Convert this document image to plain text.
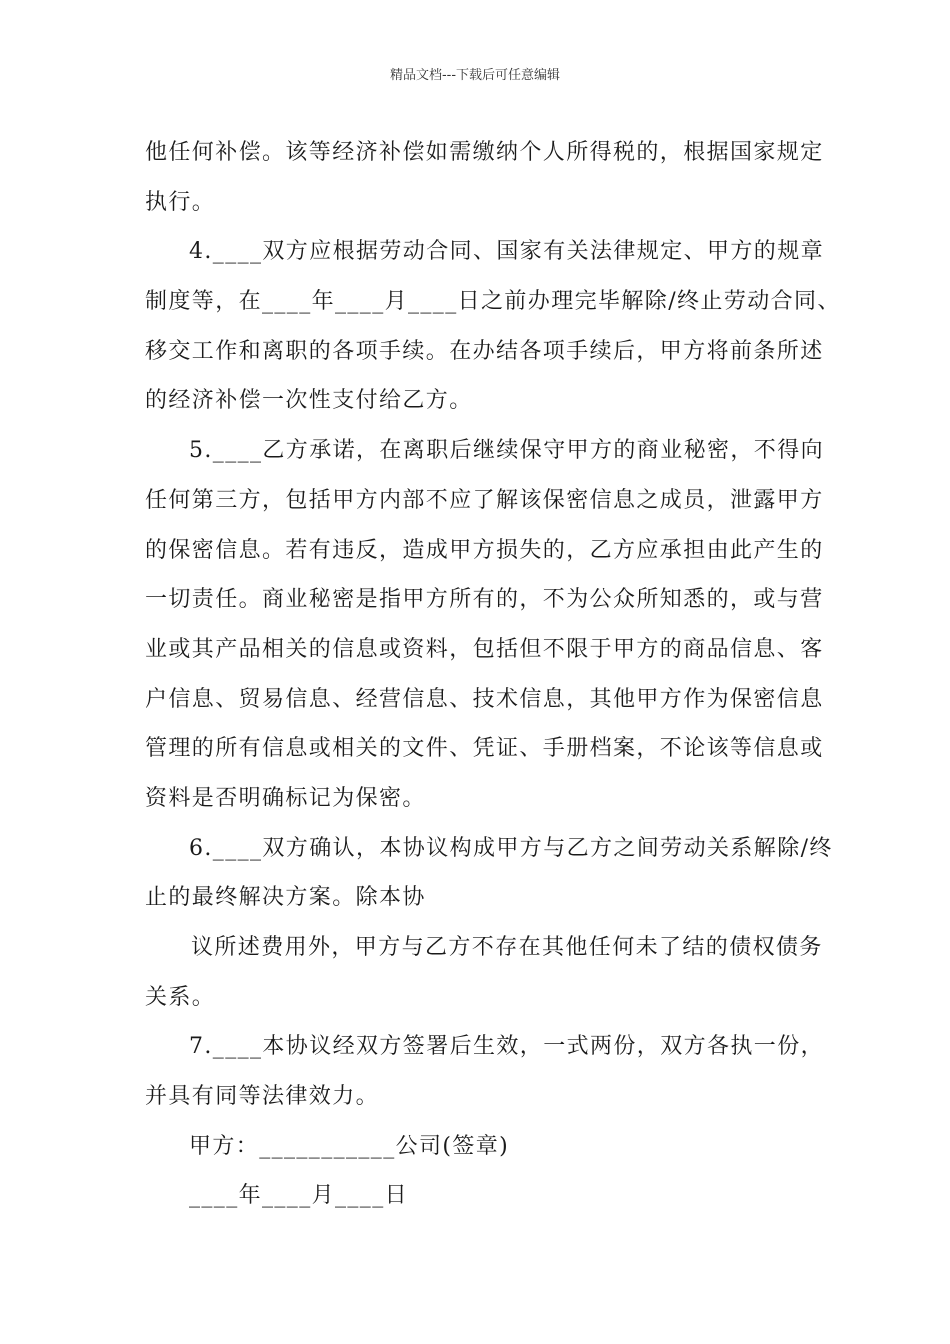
精品文档---下载后可任意编辑
他任何补偿。该等经济补偿如需缴纳个人所得税的，根据国家规定
执行。
4.____双方应根据劳动合同、国家有关法律规定、甲方的规章
制度等，在____年____月____日之前办理完毕解除/终止劳动合同、
移交工作和离职的各项手续。在办结各项手续后，甲方将前条所述
的经济补偿一次性支付给乙方。
5.____乙方承诺，在离职后继续保守甲方的商业秘密，不得向
任何第三方，包括甲方内部不应了解该保密信息之成员，泄露甲方
的保密信息。若有违反，造成甲方损失的，乙方应承担由此产生的
一切责任。商业秘密是指甲方所有的，不为公众所知悉的，或与营
业或其产品相关的信息或资料，包括但不限于甲方的商品信息、客
户信息、贸易信息、经营信息、技术信息，其他甲方作为保密信息
管理的所有信息或相关的文件、凭证、手册档案，不论该等信息或
资料是否明确标记为保密。
6.____双方确认，本协议构成甲方与乙方之间劳动关系解除/终
止的最终解决方案。除本协
议所述费用外，甲方与乙方不存在其他任何未了结的债权债务
关系。
7.____本协议经双方签署后生效，一式两份，双方各执一份，
并具有同等法律效力。
甲方：___________公司(签章)
____年____月____日
